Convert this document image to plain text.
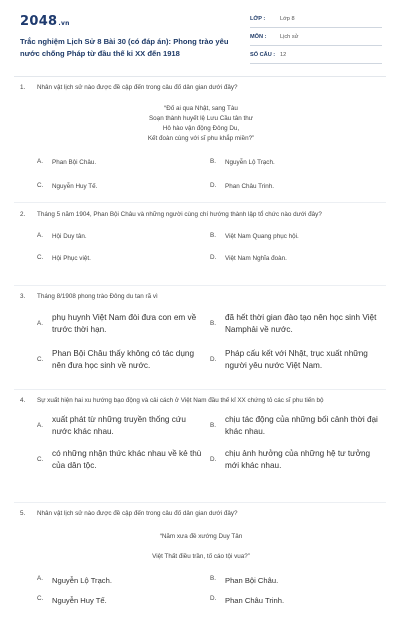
2048.vn
Trắc nghiệm Lịch Sử 8 Bài 30 (có đáp án): Phong trào yêu nước chống Pháp từ đầu thế kỉ XX đến 1918
LỚP :	Lớp 8
MÔN :	Lịch sử
SỐ CÂU : 12
1.	Nhân vật lịch sử nào được đề cập đến trong câu đố dân gian dưới đây?
“Đố ai qua Nhật, sang Tàu
Soạn thành huyết lệ Lưu Cầu tân thư
Hô hào vận động Đông Du,
Kết đoàn cùng với sĩ phu khắp miền?”
A.	Phan Bội Châu.	B.	Nguyễn Lộ Trạch.
C.	Nguyễn Huy Tế.	D.	Phan Châu Trinh.
2.	Tháng 5 năm 1904, Phan Bội Châu và những người cùng chí hướng thành lập tổ chức nào dưới đây?
A.	Hội Duy tân.	B.	Việt Nam Quang phục hội.
C.	Hội Phục việt.	D.	Việt Nam Nghĩa đoàn.
3.	Tháng 8/1908 phong trào Đông du tan rã vì
A.
phụ huynh Việt Nam đòi đưa con em về trước thời hạn.
B.
đã hết thời gian đào tạo nên học sinh Việt Namphải về nước.
C.
Phan Bội Châu thấy không có tác dụng nên đưa học sinh về nước.
D.
Pháp cấu kết với Nhật, trục xuất những người yêu nước Việt Nam.
4.	Sự xuất hiện hai xu hướng bạo động và cải cách ở Việt Nam đầu thế kỉ XX chứng tỏ các sĩ phu tiến bộ
A.
xuất phát từ những truyền thống cứu nước khác nhau.
B.
chịu tác động của những bối cảnh thời đại khác nhau.
C.
có những nhận thức khác nhau về kẻ thù của dân tộc.
D.
chịu ảnh hưởng của những hệ tư tưởng mới khác nhau.
5.	Nhân vật lịch sử nào được đề cập đến trong câu đố dân gian dưới đây?
“Năm xưa đề xướng Duy Tân
Việt Thất điều trần, tố cáo tội vua?”
A.	Nguyễn Lộ Trạch.	B.	Phan Bội Châu.
C.	Nguyễn Huy Tế.	D.	Phan Châu Trinh.
